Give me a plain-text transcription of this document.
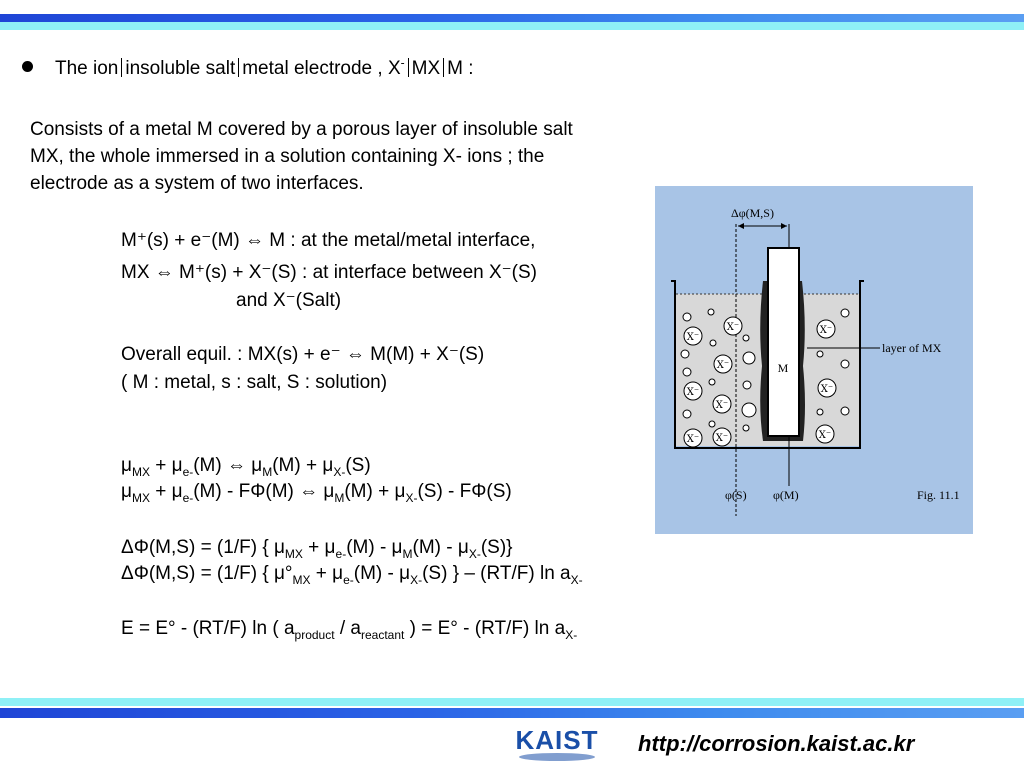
The ion insoluble salt metal electrode , X- MX M :
Consists of a metal M covered by a porous layer of insoluble salt
MX, the whole immersed in a solution containing X- ions ; the
electrode as a system of two interfaces.
M⁺(s) + e⁻(M) ⇔ M : at the metal/metal interface,
MX ⇔ M⁺(s) + X⁻(S) : at interface between X⁻(S)
and X⁻(Salt)
Overall equil. : MX(s) + e⁻ ⇔ M(M) + X⁻(S)
( M : metal, s : salt, S : solution)
$\mu_{MX} + \mu_{e-}(M)$ ⇔ $\mu_M(M) + \mu_{X-}(S)$
$\mu_{MX} + \mu_{e-}(M) - F\Phi(M)$ ⇔ $\mu_M(M) + \mu_{X-}(S) - F\Phi(S)$
ΔΦ(M,S) = (1/F) { $\mu_{MX} + \mu_{e-}(M) - \mu_M(M) - \mu_{X-}(S)$}
ΔΦ(M,S) = (1/F) { $\mu^\circ_{MX} + \mu_{e-}(M) - \mu_{X-}(S)$ } – (RT/F) $\ln a_{X-}$
E = E° - (RT/F) ln ( $a_{product} / a_{reactant}$ ) = E° - (RT/F) $\ln a_{X-}$
M
Δφ(M,S)
layer of MX
φ(S) φ(M)	Fig. 11.1
X⁻
X⁻
X⁻
X⁻
X⁻
X⁻ X⁻
X⁻
X⁻
X⁻
KAIST http://corrosion.kaist.ac.kr
